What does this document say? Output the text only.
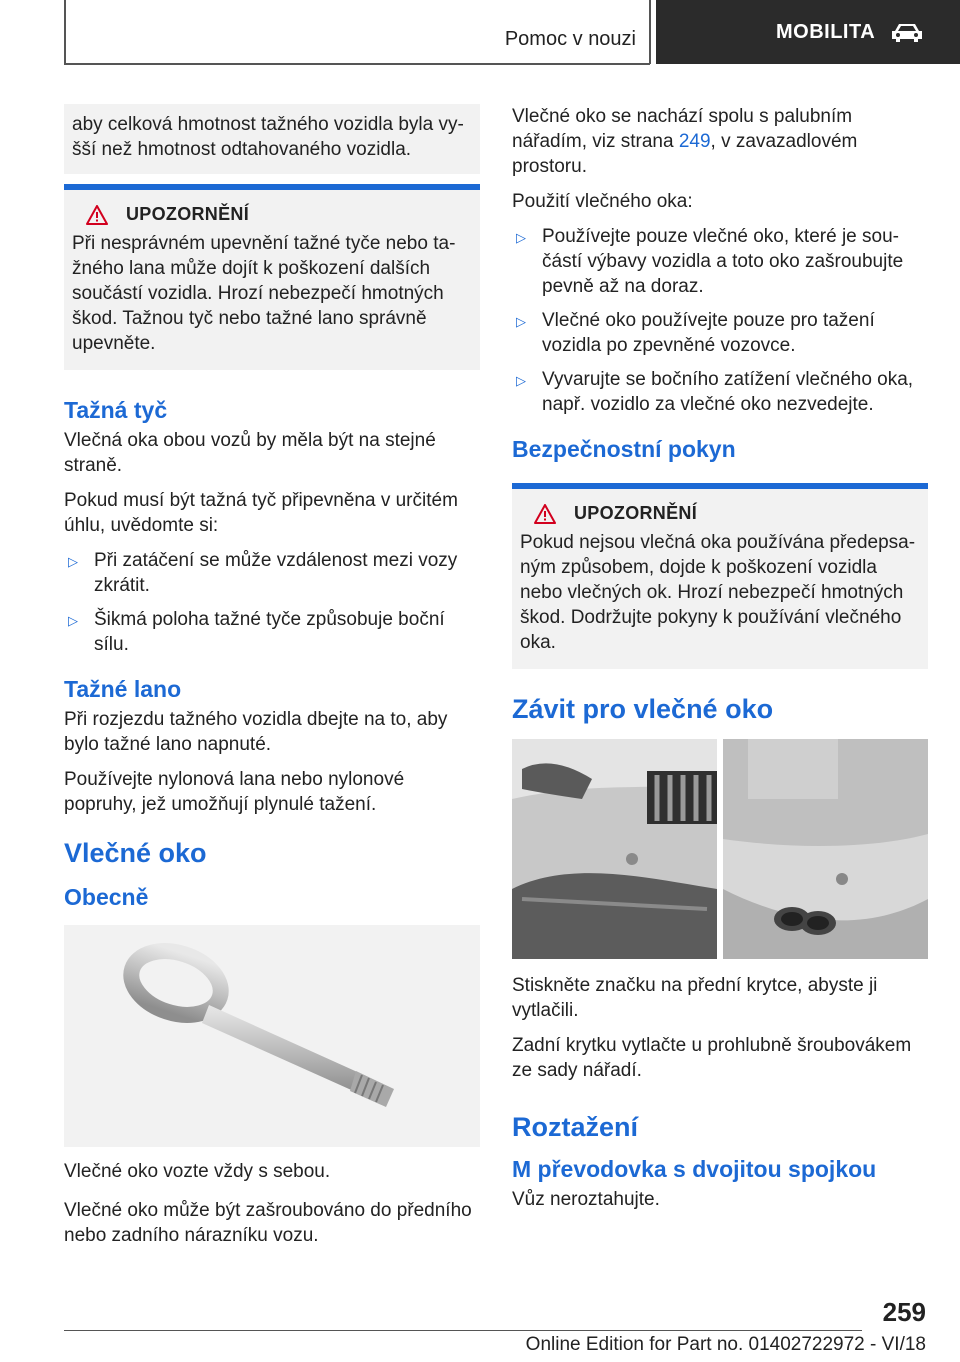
Pomoc v nouzi	MOBILITA

aby celková hmotnost tažného vozidla byla vyšší než hmotnost odtahovaného vozidla.

UPOZORNĚNÍ

Při nesprávném upevnění tažné tyče nebo tažného lana může dojít k poškození dalších součástí vozidla. Hrozí nebezpečí hmotných škod. Tažnou tyč nebo tažné lano správně upevněte.

Tažná tyč

Vlečná oka obou vozů by měla být na stejné straně.

Pokud musí být tažná tyč připevněna v určitém úhlu, uvědomte si:

▷ Při zatáčení se může vzdálenost mezi vozy zkrátit.
▷ Šikmá poloha tažné tyče způsobuje boční sílu.
Tažné lano

Při rozjezdu tažného vozidla dbejte na to, aby bylo tažné lano napnuté.

Používejte nylonová lana nebo nylonové popruhy, jež umožňují plynulé tažení.

Vlečné oko
Obecně

Vlečné oko vozte vždy s sebou.

Vlečné oko může být zašroubováno do předního nebo zadního nárazníku vozu.

Vlečné oko se nachází spolu s palubním nářadím, viz strana 249, v zavazadlovém prostoru.

Použití vlečného oka:

▷ Používejte pouze vlečné oko, které je součástí výbavy vozidla a toto oko zašroubujte pevně až na doraz.
▷ Vlečné oko používejte pouze pro tažení vozidla po zpevněné vozovce.
▷ Vyvarujte se bočního zatížení vlečného oka, např. vozidlo za vlečné oko nezvedejte.
Bezpečnostní pokyn
UPOZORNĚNÍ

Pokud nejsou vlečná oka používána předepsaným způsobem, dojde k poškození vozidla nebo vlečných ok. Hrozí nebezpečí hmotných škod. Dodržujte pokyny k používání vlečného oka.

Závit pro vlečné oko

Stiskněte značku na přední krytce, abyste ji vytlačili.

Zadní krytku vytlačte u prohlubně šroubovákem ze sady nářadí.

Roztažení
M převodovka s dvojitou spojkou

Vůz neroztahujte.

259
Online Edition for Part no. 01402722972 - VI/18
